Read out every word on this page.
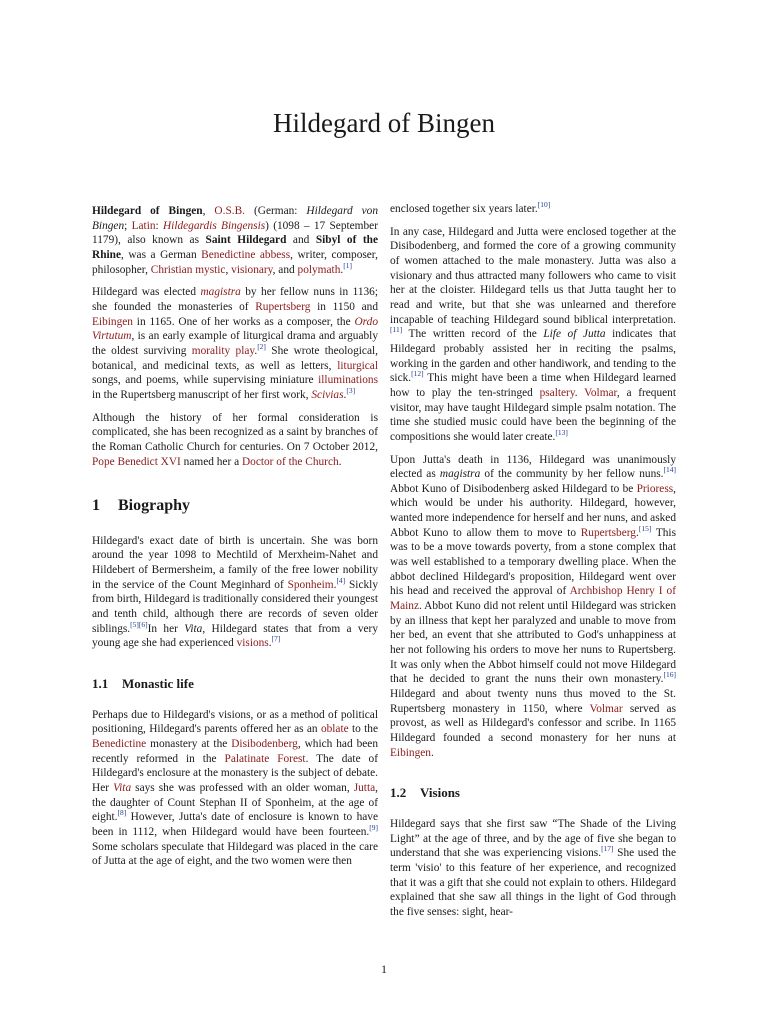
Hildegard of Bingen

Hildegard of Bingen, O.S.B. (German: Hildegard von Bingen; Latin: Hildegardis Bingensis) (1098 – 17 September 1179), also known as Saint Hildegard and Sibyl of the Rhine, was a German Benedictine abbess, writer, composer, philosopher, Christian mystic, visionary, and polymath.[1]

Hildegard was elected magistra by her fellow nuns in 1136; she founded the monasteries of Rupertsberg in 1150 and Eibingen in 1165. One of her works as a composer, the Ordo Virtutum, is an early example of liturgical drama and arguably the oldest surviving morality play.[2] She wrote theological, botanical, and medicinal texts, as well as letters, liturgical songs, and poems, while supervising miniature illuminations in the Rupertsberg manuscript of her first work, Scivias.[3]

Although the history of her formal consideration is complicated, she has been recognized as a saint by branches of the Roman Catholic Church for centuries. On 7 October 2012, Pope Benedict XVI named her a Doctor of the Church.

1 Biography

Hildegard's exact date of birth is uncertain. She was born around the year 1098 to Mechtild of Merxheim-Nahet and Hildebert of Bermersheim, a family of the free lower nobility in the service of the Count Meginhard of Sponheim.[4] Sickly from birth, Hildegard is traditionally considered their youngest and tenth child, although there are records of seven older siblings.[5][6]In her Vita, Hildegard states that from a very young age she had experienced visions.[7]

1.1 Monastic life

Perhaps due to Hildegard's visions, or as a method of political positioning, Hildegard's parents offered her as an oblate to the Benedictine monastery at the Disibodenberg, which had been recently reformed in the Palatinate Forest. The date of Hildegard's enclosure at the monastery is the subject of debate. Her Vita says she was professed with an older woman, Jutta, the daughter of Count Stephan II of Sponheim, at the age of eight.[8] However, Jutta's date of enclosure is known to have been in 1112, when Hildegard would have been fourteen.[9] Some scholars speculate that Hildegard was placed in the care of Jutta at the age of eight, and the two women were then

enclosed together six years later.[10]

In any case, Hildegard and Jutta were enclosed together at the Disibodenberg, and formed the core of a growing community of women attached to the male monastery. Jutta was also a visionary and thus attracted many followers who came to visit her at the cloister. Hildegard tells us that Jutta taught her to read and write, but that she was unlearned and therefore incapable of teaching Hildegard sound biblical interpretation.[11] The written record of the Life of Jutta indicates that Hildegard probably assisted her in reciting the psalms, working in the garden and other handiwork, and tending to the sick.[12] This might have been a time when Hildegard learned how to play the ten-stringed psaltery. Volmar, a frequent visitor, may have taught Hildegard simple psalm notation. The time she studied music could have been the beginning of the compositions she would later create.[13]

Upon Jutta's death in 1136, Hildegard was unanimously elected as magistra of the community by her fellow nuns.[14] Abbot Kuno of Disibodenberg asked Hildegard to be Prioress, which would be under his authority. Hildegard, however, wanted more independence for herself and her nuns, and asked Abbot Kuno to allow them to move to Rupertsberg.[15] This was to be a move towards poverty, from a stone complex that was well established to a temporary dwelling place. When the abbot declined Hildegard's proposition, Hildegard went over his head and received the approval of Archbishop Henry I of Mainz. Abbot Kuno did not relent until Hildegard was stricken by an illness that kept her paralyzed and unable to move from her bed, an event that she attributed to God's unhappiness at her not following his orders to move her nuns to Rupertsberg. It was only when the Abbot himself could not move Hildegard that he decided to grant the nuns their own monastery.[16] Hildegard and about twenty nuns thus moved to the St. Rupertsberg monastery in 1150, where Volmar served as provost, as well as Hildegard's confessor and scribe. In 1165 Hildegard founded a second monastery for her nuns at Eibingen.

1.2 Visions

Hildegard says that she first saw “The Shade of the Living Light” at the age of three, and by the age of five she began to understand that she was experiencing visions.[17] She used the term 'visio' to this feature of her experience, and recognized that it was a gift that she could not explain to others. Hildegard explained that she saw all things in the light of God through the five senses: sight, hear-

1
